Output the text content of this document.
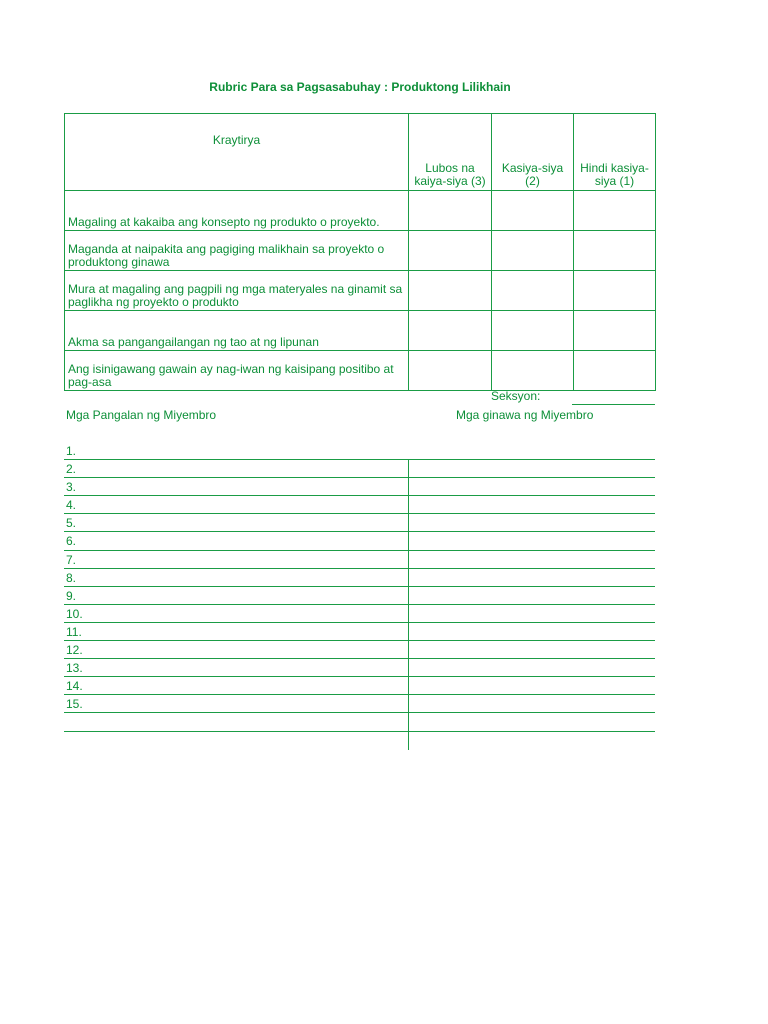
Rubric Para sa Pagsasabuhay : Produktong Lilikhain
Kraytirya	Lubos na kaiya-siya (3)	Kasiya-siya (2)	Hindi kasiya-siya (1)
Magaling at kakaiba ang konsepto ng produkto o proyekto.			
Maganda at naipakita ang pagiging malikhain sa proyekto o produktong ginawa			
Mura at magaling ang pagpili ng mga materyales na ginamit sa paglikha ng proyekto o produkto			
Akma sa pangangailangan ng tao at ng lipunan			
Ang isinigawang gawain ay nag-iwan ng kaisipang positibo at pag-asa			
Seksyon:
Mga Pangalan ng Miyembro	Mga ginawa ng Miyembro
1.
2.
3.
4.
5.
6.
7.
8.
9.
10.
11.
12.
13.
14.
15.
